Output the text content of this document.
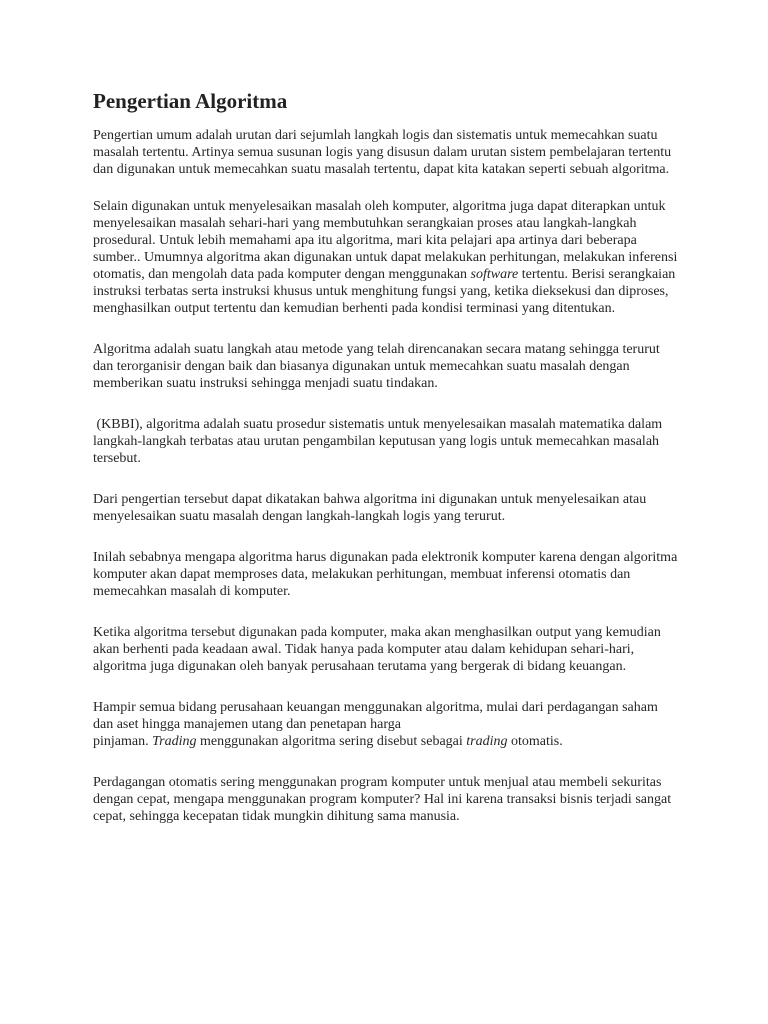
Pengertian Algoritma

Pengertian umum adalah urutan dari sejumlah langkah logis dan sistematis untuk memecahkan suatu masalah tertentu. Artinya semua susunan logis yang disusun dalam urutan sistem pembelajaran tertentu dan digunakan untuk memecahkan suatu masalah tertentu, dapat kita katakan seperti sebuah algoritma.

Selain digunakan untuk menyelesaikan masalah oleh komputer, algoritma juga dapat diterapkan untuk menyelesaikan masalah sehari-hari yang membutuhkan serangkaian proses atau langkah-langkah prosedural. Untuk lebih memahami apa itu algoritma, mari kita pelajari apa artinya dari beberapa sumber.. Umumnya algoritma akan digunakan untuk dapat melakukan perhitungan, melakukan inferensi otomatis, dan mengolah data pada komputer dengan menggunakan software tertentu. Berisi serangkaian instruksi terbatas serta instruksi khusus untuk menghitung fungsi yang, ketika dieksekusi dan diproses, menghasilkan output tertentu dan kemudian berhenti pada kondisi terminasi yang ditentukan.

Algoritma adalah suatu langkah atau metode yang telah direncanakan secara matang sehingga terurut dan terorganisir dengan baik dan biasanya digunakan untuk memecahkan suatu masalah dengan memberikan suatu instruksi sehingga menjadi suatu tindakan.

(KBBI), algoritma adalah suatu prosedur sistematis untuk menyelesaikan masalah matematika dalam langkah-langkah terbatas atau urutan pengambilan keputusan yang logis untuk memecahkan masalah tersebut.

Dari pengertian tersebut dapat dikatakan bahwa algoritma ini digunakan untuk menyelesaikan atau menyelesaikan suatu masalah dengan langkah-langkah logis yang terurut.

Inilah sebabnya mengapa algoritma harus digunakan pada elektronik komputer karena dengan algoritma komputer akan dapat memproses data, melakukan perhitungan, membuat inferensi otomatis dan memecahkan masalah di komputer.

Ketika algoritma tersebut digunakan pada komputer, maka akan menghasilkan output yang kemudian akan berhenti pada keadaan awal. Tidak hanya pada komputer atau dalam kehidupan sehari-hari, algoritma juga digunakan oleh banyak perusahaan terutama yang bergerak di bidang keuangan.

Hampir semua bidang perusahaan keuangan menggunakan algoritma, mulai dari perdagangan saham dan aset hingga manajemen utang dan penetapan harga
pinjaman. Trading menggunakan algoritma sering disebut sebagai trading otomatis.

Perdagangan otomatis sering menggunakan program komputer untuk menjual atau membeli sekuritas dengan cepat, mengapa menggunakan program komputer? Hal ini karena transaksi bisnis terjadi sangat cepat, sehingga kecepatan tidak mungkin dihitung sama manusia.
